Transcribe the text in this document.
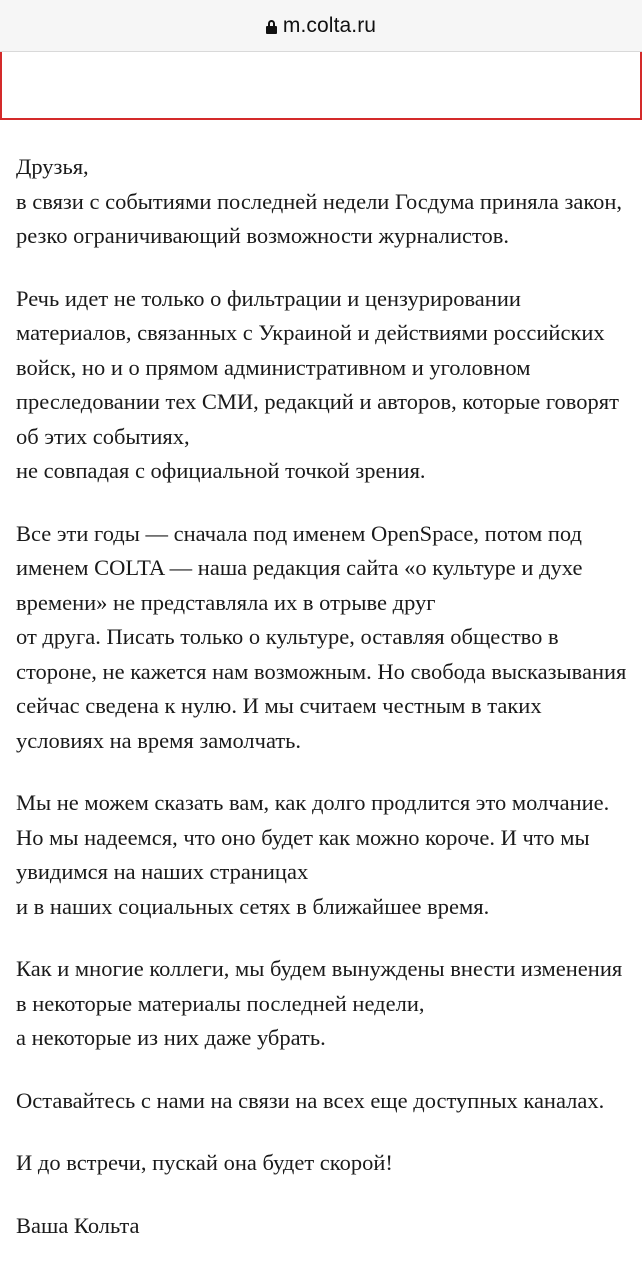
m.colta.ru

Друзья,
в связи с событиями последней недели Госдума приняла закон, резко ограничивающий возможности журналистов.

Речь идет не только о фильтрации и цензурировании материалов, связанных с Украиной и действиями российских войск, но и о прямом административном и уголовном преследовании тех СМИ, редакций и авторов, которые говорят об этих событиях,
не совпадая с официальной точкой зрения.

Все эти годы — сначала под именем OpenSpace, потом под именем COLTA — наша редакция сайта «о культуре и духе времени» не представляла их в отрыве друг
от друга. Писать только о культуре, оставляя общество в стороне, не кажется нам возможным. Но свобода высказывания сейчас сведена к нулю. И мы считаем честным в таких условиях на время замолчать.

Мы не можем сказать вам, как долго продлится это молчание. Но мы надеемся, что оно будет как можно короче. И что мы увидимся на наших страницах
и в наших социальных сетях в ближайшее время.

Как и многие коллеги, мы будем вынуждены внести изменения в некоторые материалы последней недели,
а некоторые из них даже убрать.

Оставайтесь с нами на связи на всех еще доступных каналах.

И до встречи, пускай она будет скорой!

Ваша Кольта
